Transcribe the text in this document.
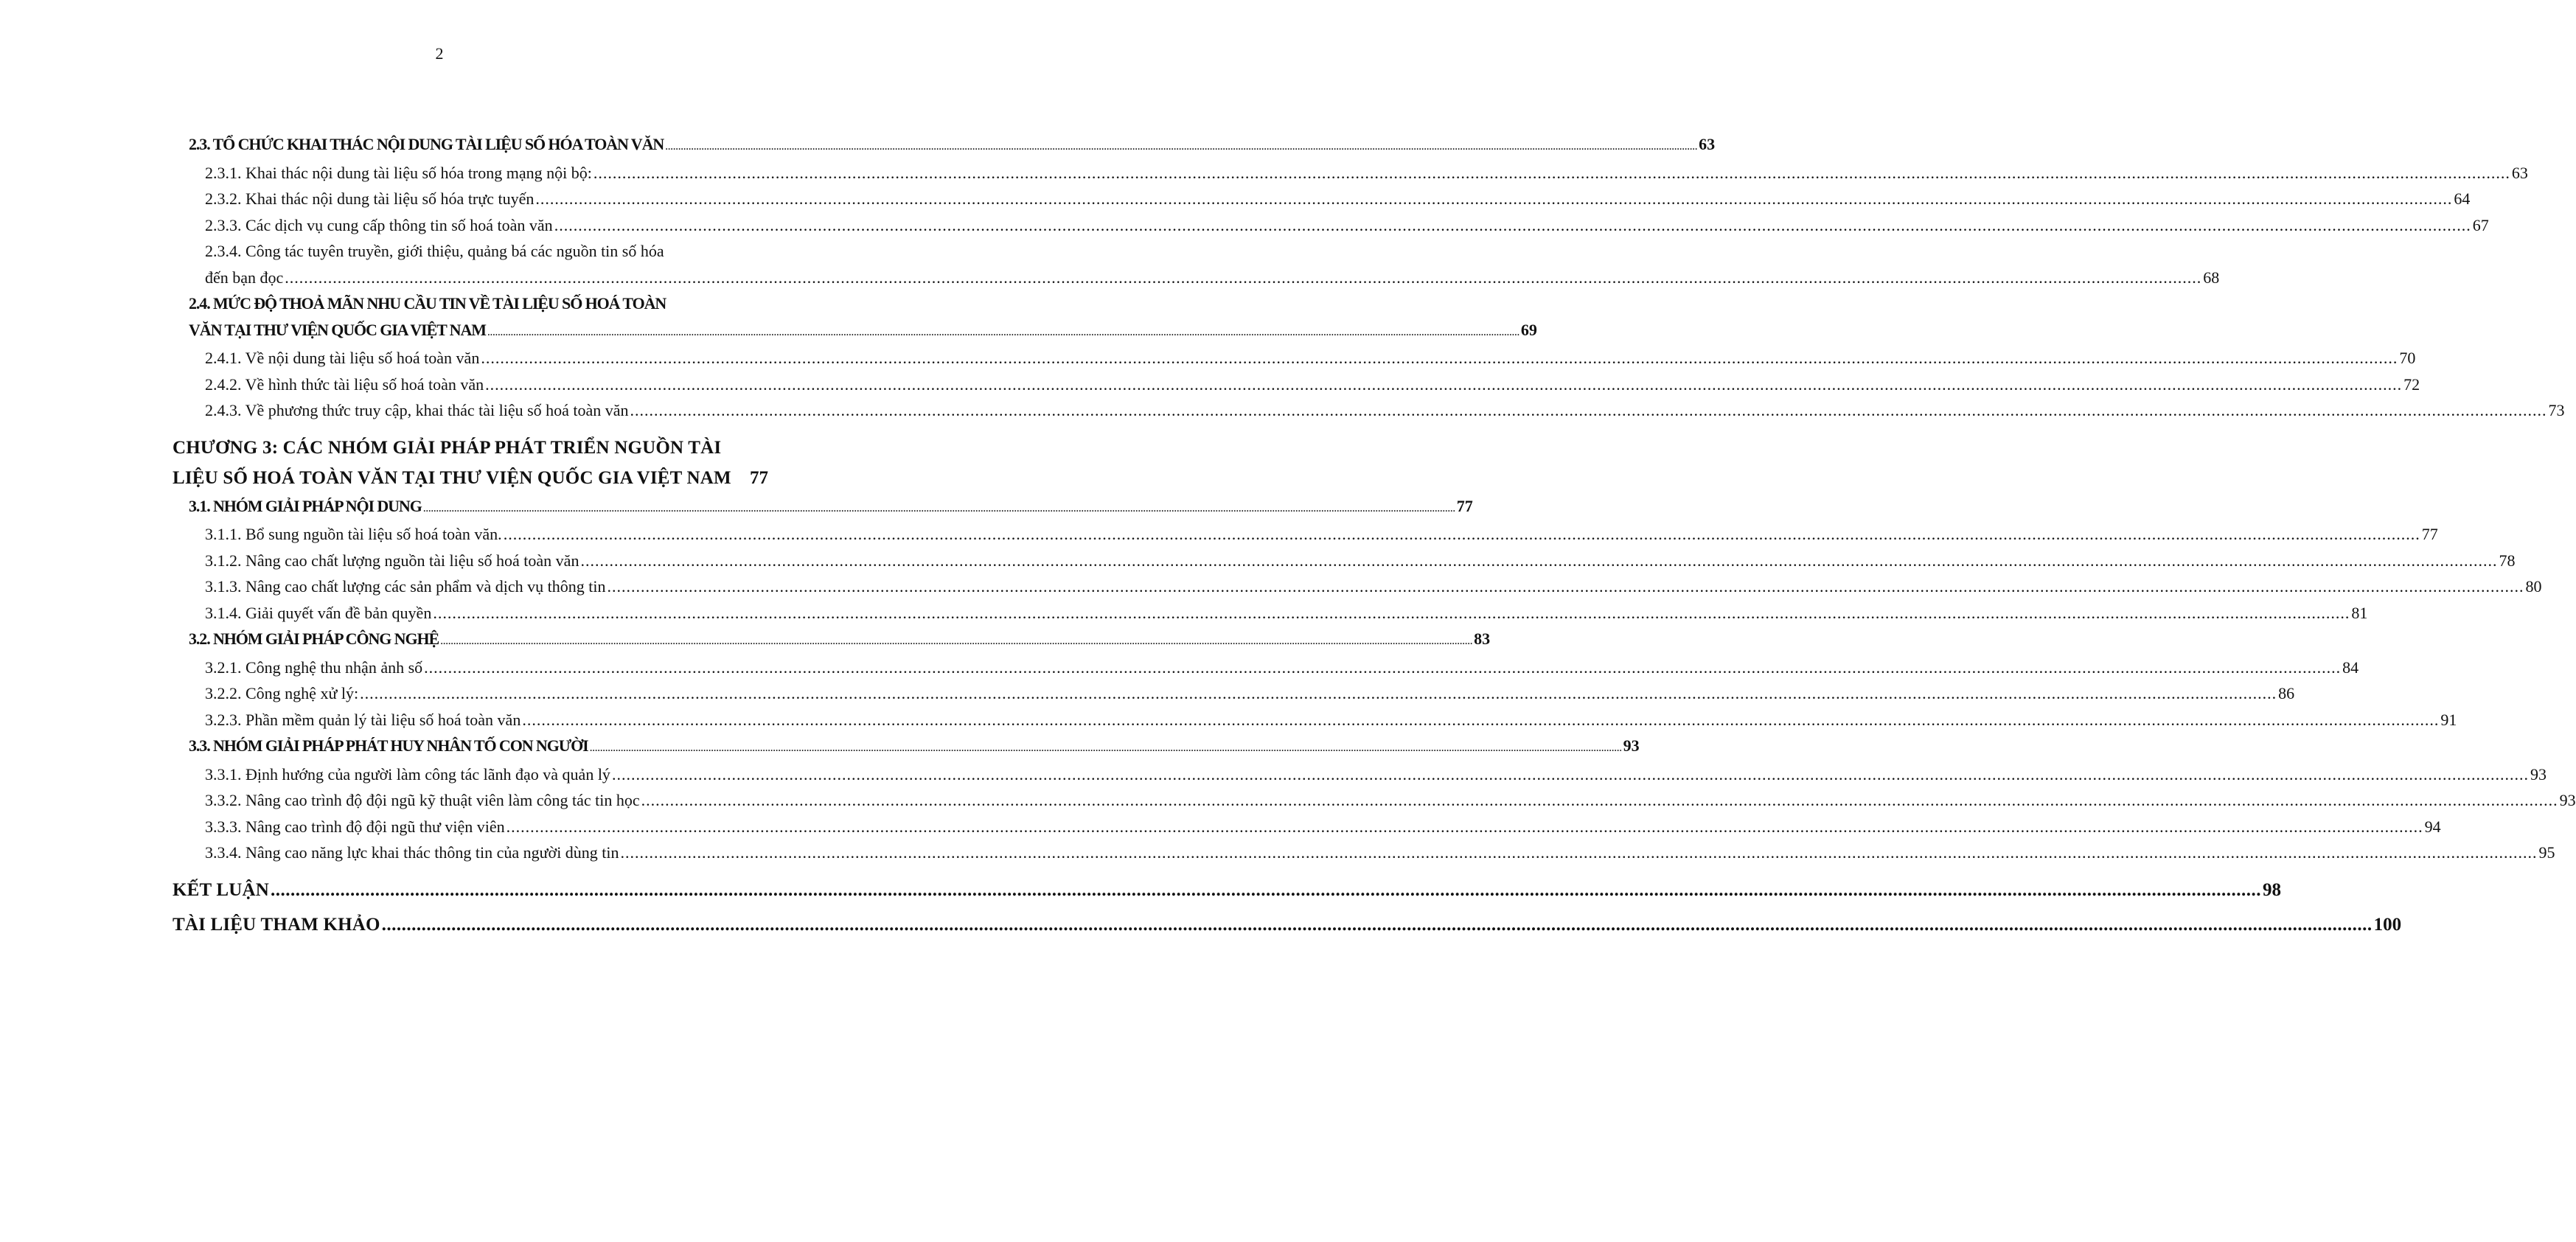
2
2.3. TỔ CHỨC KHAI THÁC NỘI DUNG TÀI LIỆU SỐ HÓA TOÀN VĂN ................................................................................................................................................................................................................................................................................................................................................................................................................ 63
2.3.1. Khai thác nội dung tài liệu số hóa trong mạng nội bộ: ................................................................................................................................................................................................................................................................................................................................................................................................................ 63
2.3.2. Khai thác nội dung tài liệu số hóa trực tuyến ................................................................................................................................................................................................................................................................................................................................................................................................................ 64
2.3.3. Các dịch vụ cung cấp thông tin số hoá toàn văn ................................................................................................................................................................................................................................................................................................................................................................................................................ 67
2.3.4. Công tác tuyên truyền, giới thiệu, quảng bá các nguồn tin số hóa
đến bạn đọc ................................................................................................................................................................................................................................................................................................................................................................................................................ 68
2.4. MỨC ĐỘ THOẢ MÃN NHU CẦU TIN VỀ TÀI LIỆU SỐ HOÁ TOÀN
VĂN TẠI THƯ VIỆN QUỐC GIA VIỆT NAM ................................................................................................................................................................................................................................................................................................................................................................................................................ 69
2.4.1. Về nội dung tài liệu số hoá toàn văn ................................................................................................................................................................................................................................................................................................................................................................................................................ 70
2.4.2. Về hình thức tài liệu số hoá toàn văn ................................................................................................................................................................................................................................................................................................................................................................................................................ 72
2.4.3. Về phương thức truy cập, khai thác tài liệu số hoá toàn văn ................................................................................................................................................................................................................................................................................................................................................................................................................ 73
CHƯƠNG 3: CÁC NHÓM GIẢI PHÁP PHÁT TRIỂN NGUỒN TÀI
LIỆU SỐ HOÁ TOÀN VĂN TẠI THƯ VIỆN QUỐC GIA VIỆT NAM 77
3.1. NHÓM GIẢI PHÁP NỘI DUNG ................................................................................................................................................................................................................................................................................................................................................................................................................ 77
3.1.1. Bổ sung nguồn tài liệu số hoá toàn văn. ................................................................................................................................................................................................................................................................................................................................................................................................................ 77
3.1.2. Nâng cao chất lượng nguồn tài liệu số hoá toàn văn ................................................................................................................................................................................................................................................................................................................................................................................................................ 78
3.1.3. Nâng cao chất lượng các sản phẩm và dịch vụ thông tin ................................................................................................................................................................................................................................................................................................................................................................................................................ 80
3.1.4. Giải quyết vấn đề bản quyền ................................................................................................................................................................................................................................................................................................................................................................................................................ 81
3.2. NHÓM GIẢI PHÁP CÔNG NGHỆ ................................................................................................................................................................................................................................................................................................................................................................................................................ 83
3.2.1. Công nghệ thu nhận ảnh số ................................................................................................................................................................................................................................................................................................................................................................................................................ 84
3.2.2. Công nghệ xử lý: ................................................................................................................................................................................................................................................................................................................................................................................................................ 86
3.2.3. Phần mềm quản lý tài liệu số hoá toàn văn ................................................................................................................................................................................................................................................................................................................................................................................................................ 91
3.3. NHÓM GIẢI PHÁP PHÁT HUY NHÂN TỐ CON NGƯỜI ................................................................................................................................................................................................................................................................................................................................................................................................................ 93
3.3.1. Định hướng của người làm công tác lãnh đạo và quản lý ................................................................................................................................................................................................................................................................................................................................................................................................................ 93
3.3.2. Nâng cao trình độ đội ngũ kỹ thuật viên làm công tác tin học ................................................................................................................................................................................................................................................................................................................................................................................................................ 93
3.3.3. Nâng cao trình độ đội ngũ thư viện viên ................................................................................................................................................................................................................................................................................................................................................................................................................ 94
3.3.4. Nâng cao năng lực khai thác thông tin của người dùng tin ................................................................................................................................................................................................................................................................................................................................................................................................................ 95
KẾT LUẬN ................................................................................................................................................................................................................................................................................................................................................................................................................ 98
TÀI LIỆU THAM KHẢO ................................................................................................................................................................................................................................................................................................................................................................................................................ 100
